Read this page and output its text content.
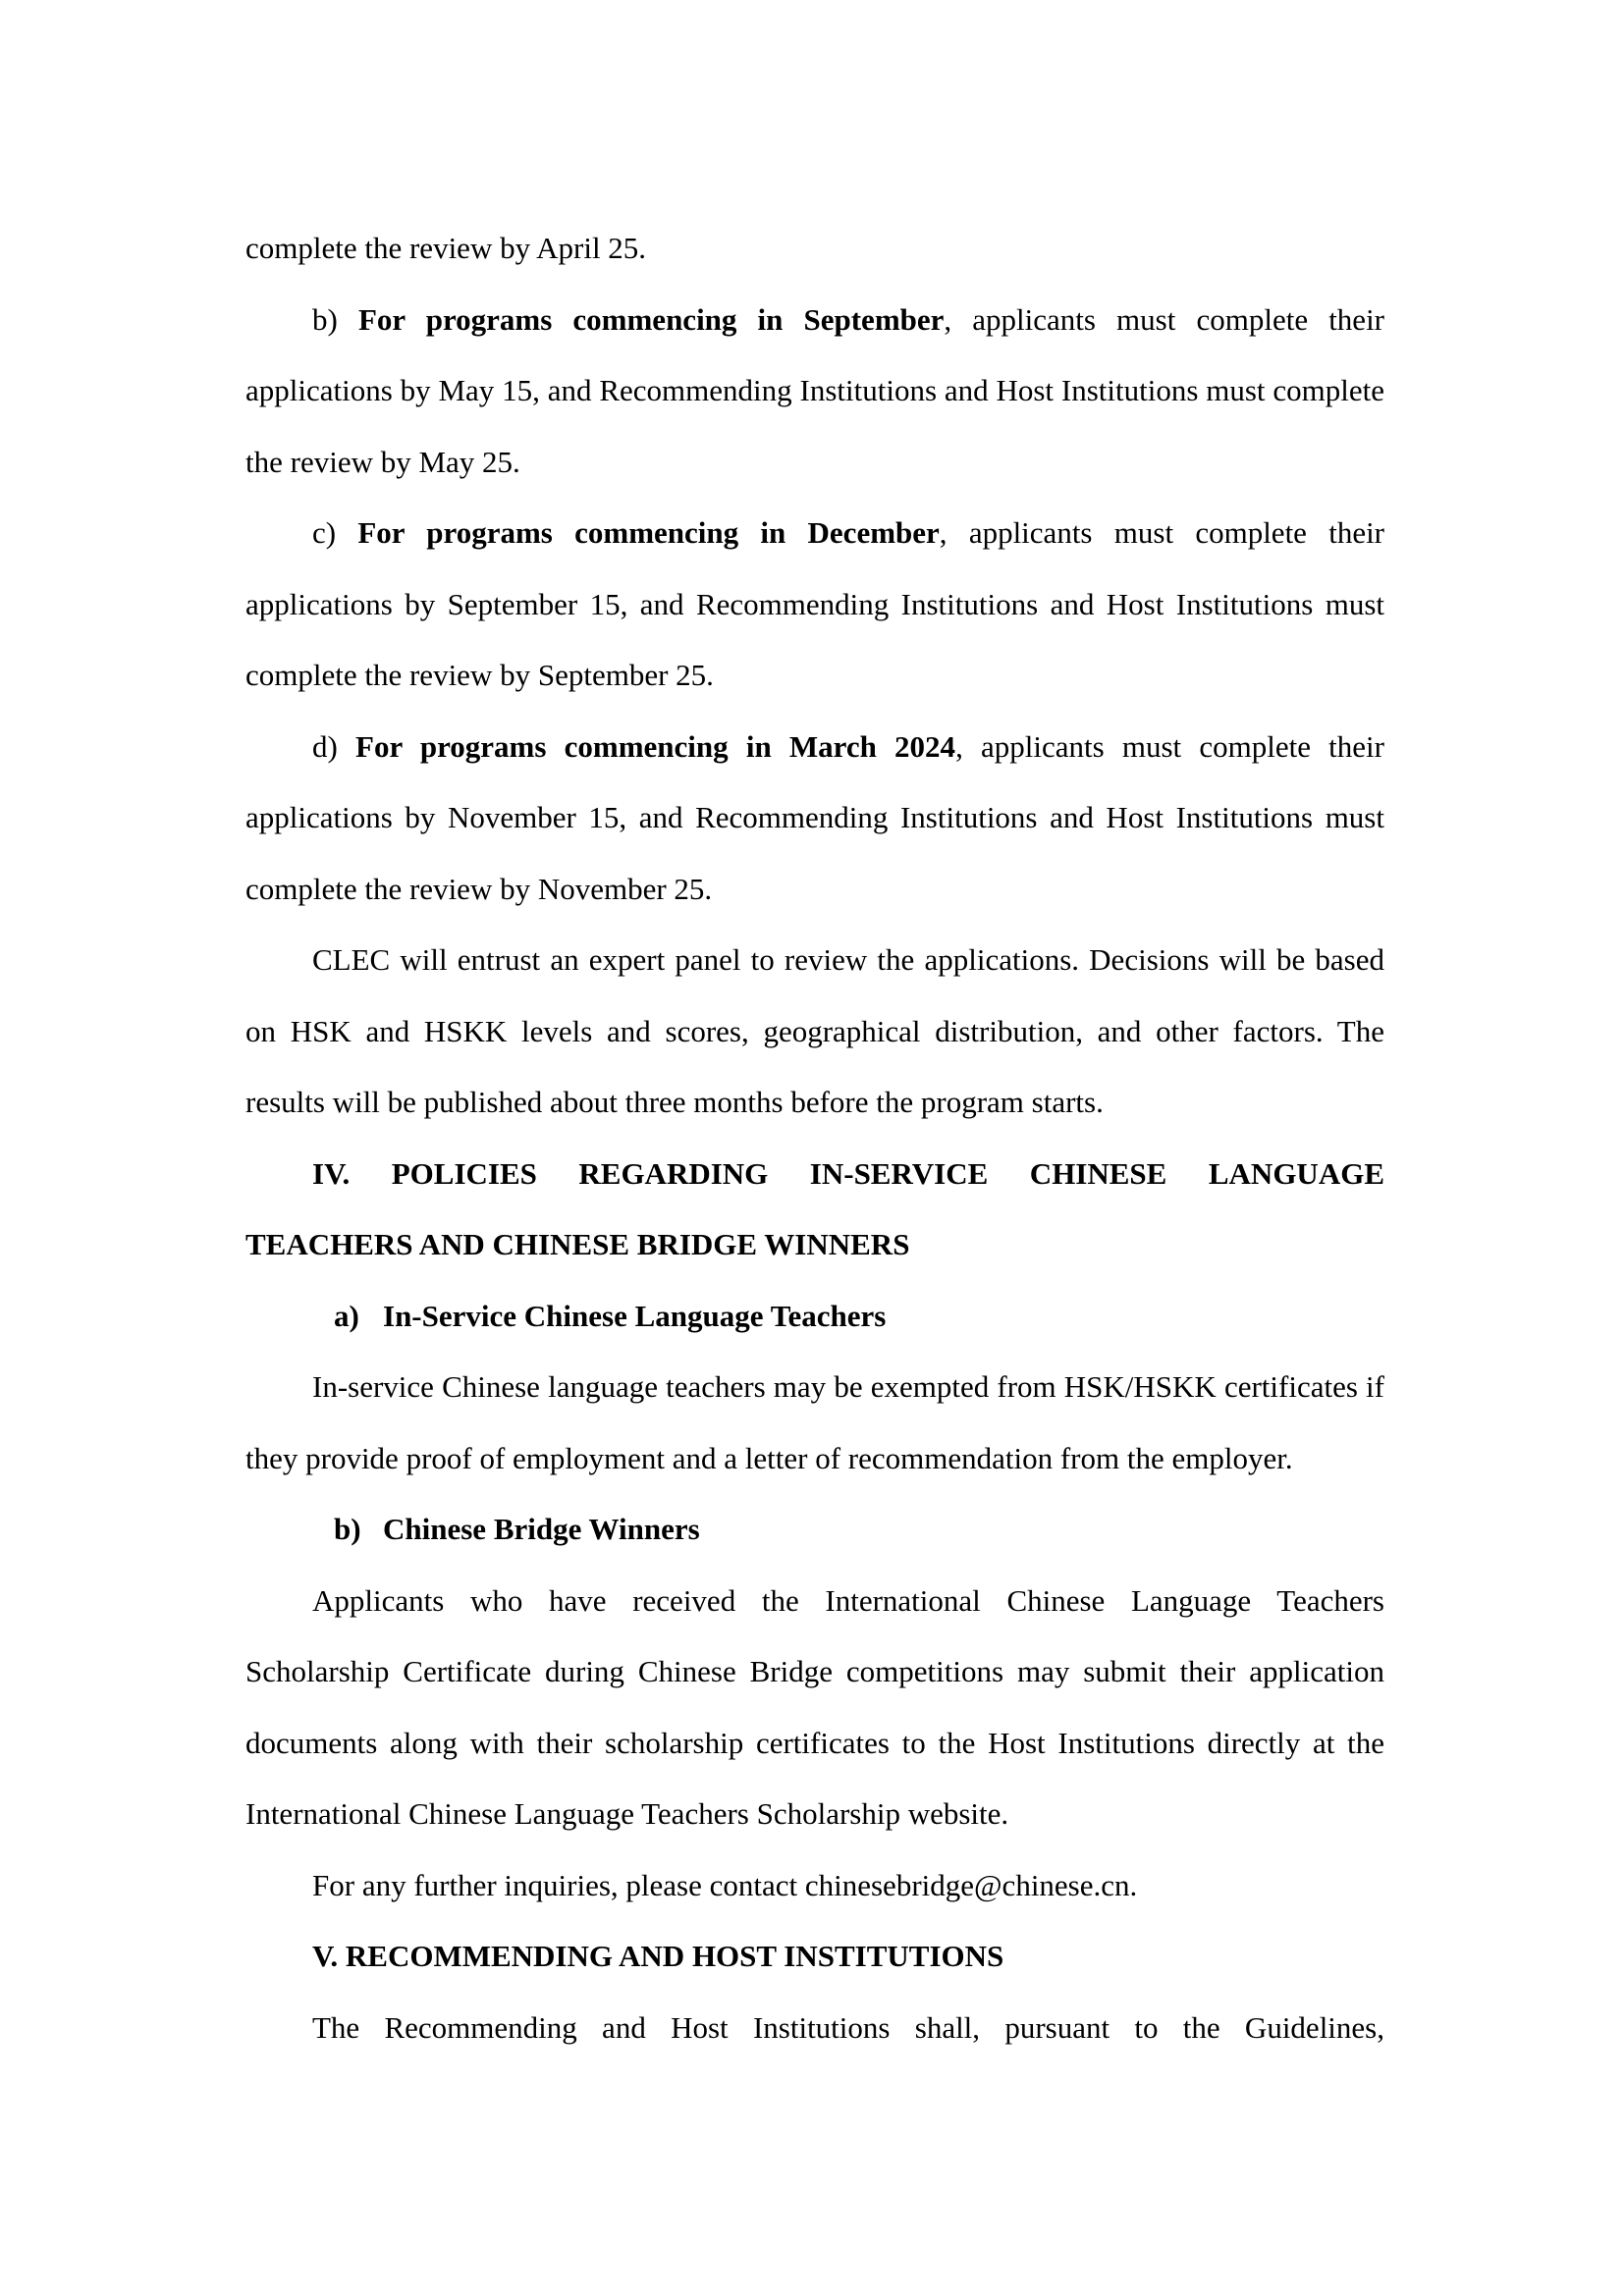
complete the review by April 25.

b) For programs commencing in September, applicants must complete their applications by May 15, and Recommending Institutions and Host Institutions must complete the review by May 25.

c) For programs commencing in December, applicants must complete their applications by September 15, and Recommending Institutions and Host Institutions must complete the review by September 25.

d) For programs commencing in March 2024, applicants must complete their applications by November 15, and Recommending Institutions and Host Institutions must complete the review by November 25.

CLEC will entrust an expert panel to review the applications. Decisions will be based on HSK and HSKK levels and scores, geographical distribution, and other factors. The results will be published about three months before the program starts.

IV. POLICIES REGARDING IN-SERVICE CHINESE LANGUAGE TEACHERS AND CHINESE BRIDGE WINNERS

a) In-Service Chinese Language Teachers

In-service Chinese language teachers may be exempted from HSK/HSKK certificates if they provide proof of employment and a letter of recommendation from the employer.

b) Chinese Bridge Winners

Applicants who have received the International Chinese Language Teachers Scholarship Certificate during Chinese Bridge competitions may submit their application documents along with their scholarship certificates to the Host Institutions directly at the International Chinese Language Teachers Scholarship website.

For any further inquiries, please contact chinesebridge@chinese.cn.

V. RECOMMENDING AND HOST INSTITUTIONS

The Recommending and Host Institutions shall, pursuant to the Guidelines,
